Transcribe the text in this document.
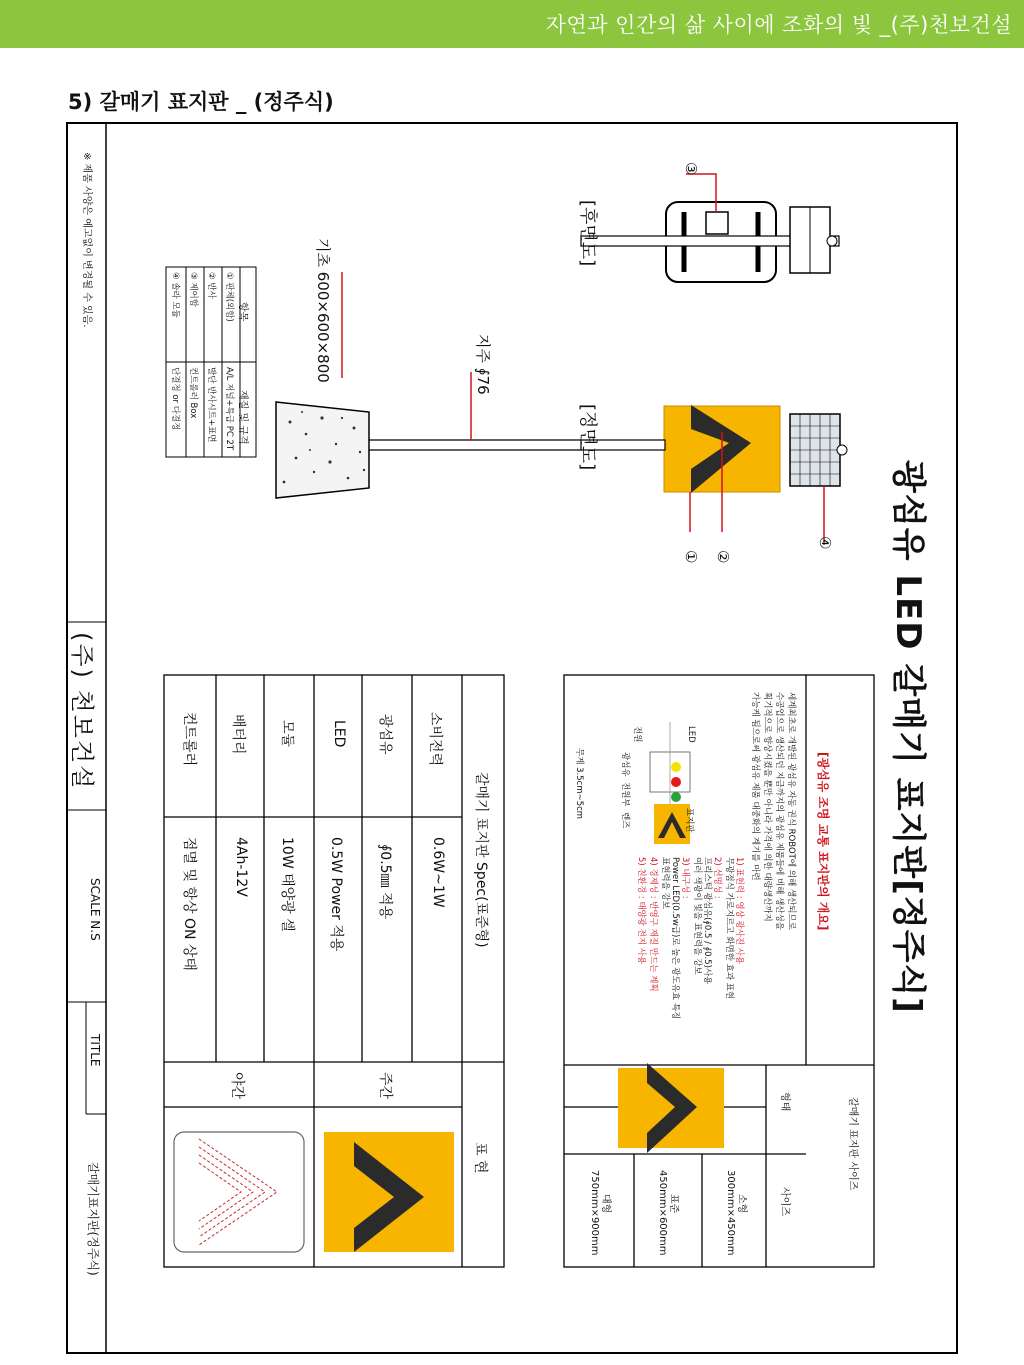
자연과 인간의 삶 사이에 조화의 빛 _(주)천보건설
5) 갈매기 표지판 _ (정주식)
광섬유 LED 갈매기 표지판[정주식]
[후면도]
[정면도]
기초 600×600×800	지주 ∮76
③
① ②
④
항목
재질 및 규격
① 판체(외함)
A/L 저널+특급 PC 2T
② 반사
발단 반사시트+표면
③ 제어함
컨트롤러 Box
④ 솔라 모듈
단결정 or 다결정
[광섬유 조명 교통 표지판의 개요]
세계최초로 개발된 광섬유 자동 권식 ROBOT에 의해 생산되므로
수공업으로 생산되던 지금까지의 광섬유 제품들에 비해 생산성을
획기적으로 향상시켰을 뿐만 아니라 가격에 의한 대량생산까지
가능케 됨으로써 광섬유 제품 대중화의 계기를 마련
1) 표현력 : 영상 광사진 사용
무광점식 가로지르고 화면한 효과 표현
2) 선명성 :
프리스틱 광섬유(∮0.5 / ∮0.5)사용
여러 색광이 빛을 표현력을 강보
3) 내구성 :
Power LED(0.5w급)로 높은 광도유효 특징
표현력을 강보
4) 경제성 : 반영구 재질 만드는 계획
5) 친환경 : 태양광 전지 사용
전원
광섬유
전원부
렌즈
LED
표지판
무게 3.5cm~5cm
갈매기 표지판 사이즈
형태
사이즈
소형
300mm×450mm
표준
450mm×600mm
대형
750mm×900mm
갈매기 표지판 Spec(표준형)
소비전력
0.6W~1W
광섬유
∮0.5㎜ 적용
LED
0.5W Power 적용
모듈
10W 태양광 셀
배터리
4Ah-12V
컨트롤러
점멸 및 항상 ON 상태
표 현
주간
야간
(주) 천보건설
SCALE N.S
TITLE
갈매기표지판(정주식)
※ 제품 사양은 예고없이 변경될 수 있음.
